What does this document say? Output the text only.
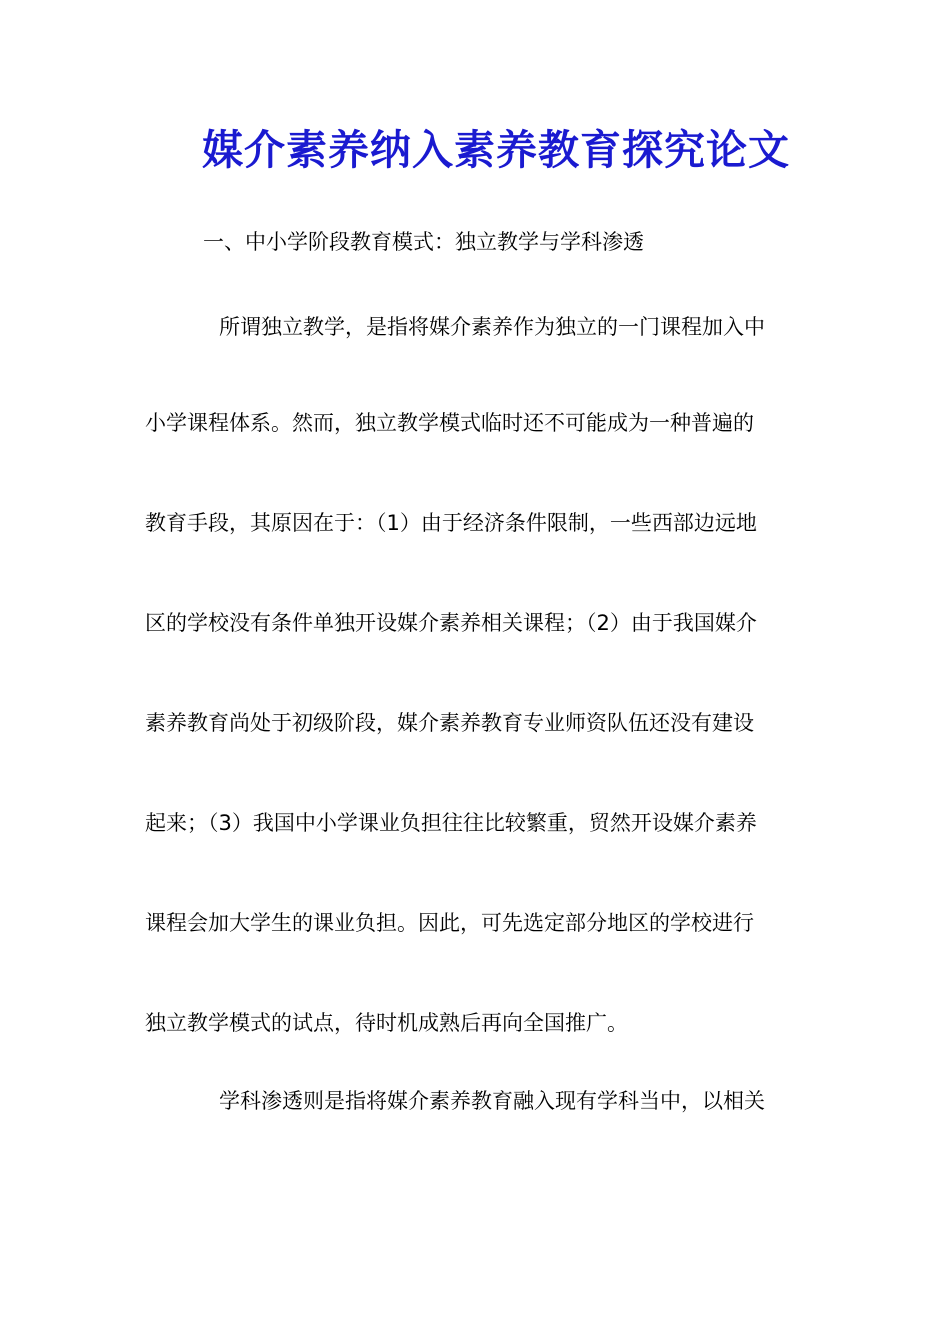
媒介素养纳入素养教育探究论文
一、中小学阶段教育模式：独立教学与学科渗透
所谓独立教学，是指将媒介素养作为独立的一门课程加入中
小学课程体系。然而，独立教学模式临时还不可能成为一种普遍的
教育手段，其原因在于：（1）由于经济条件限制，一些西部边远地
区的学校没有条件单独开设媒介素养相关课程；（2）由于我国媒介
素养教育尚处于初级阶段，媒介素养教育专业师资队伍还没有建设
起来；（3）我国中小学课业负担往往比较繁重，贸然开设媒介素养
课程会加大学生的课业负担。因此，可先选定部分地区的学校进行
独立教学模式的试点，待时机成熟后再向全国推广。
学科渗透则是指将媒介素养教育融入现有学科当中，以相关
